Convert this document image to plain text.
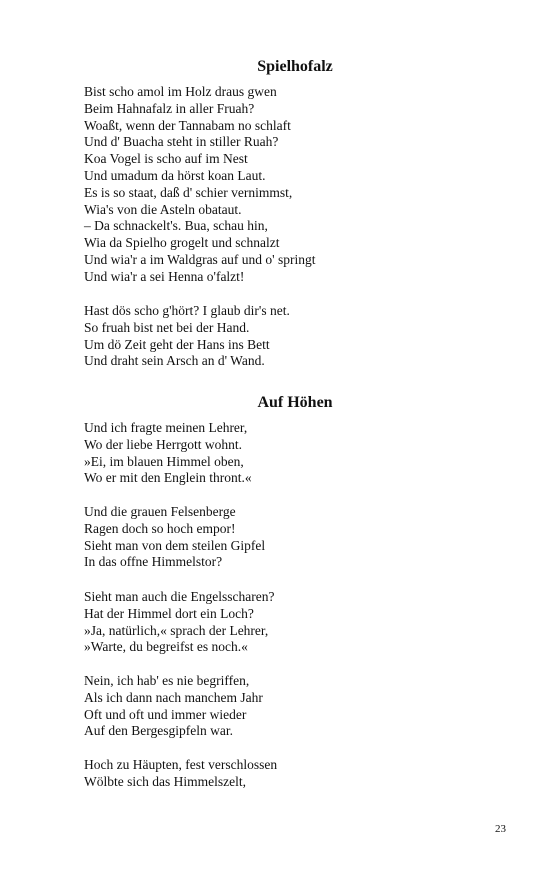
Spielhofalz
Bist scho amol im Holz draus gwen
Beim Hahnafalz in aller Fruah?
Woaßt, wenn der Tannabam no schlaft
Und d' Buacha steht in stiller Ruah?
Koa Vogel is scho auf im Nest
Und umadum da hörst koan Laut.
Es is so staat, daß d' schier vernimmst,
Wia's von die Asteln obataut.
– Da schnackelt's. Bua, schau hin,
Wia da Spielho grogelt und schnalzt
Und wia'r a im Waldgras auf und o' springt
Und wia'r a sei Henna o'falzt!
Hast dös scho g'hört? I glaub dir's net.
So fruah bist net bei der Hand.
Um dö Zeit geht der Hans ins Bett
Und draht sein Arsch an d' Wand.
Auf Höhen
Und ich fragte meinen Lehrer,
Wo der liebe Herrgott wohnt.
»Ei, im blauen Himmel oben,
Wo er mit den Englein thront.«
Und die grauen Felsenberge
Ragen doch so hoch empor!
Sieht man von dem steilen Gipfel
In das offne Himmelstor?
Sieht man auch die Engelsscharen?
Hat der Himmel dort ein Loch?
»Ja, natürlich,« sprach der Lehrer,
»Warte, du begreifst es noch.«
Nein, ich hab' es nie begriffen,
Als ich dann nach manchem Jahr
Oft und oft und immer wieder
Auf den Bergesgipfeln war.
Hoch zu Häupten, fest verschlossen
Wölbte sich das Himmelszelt,
23
